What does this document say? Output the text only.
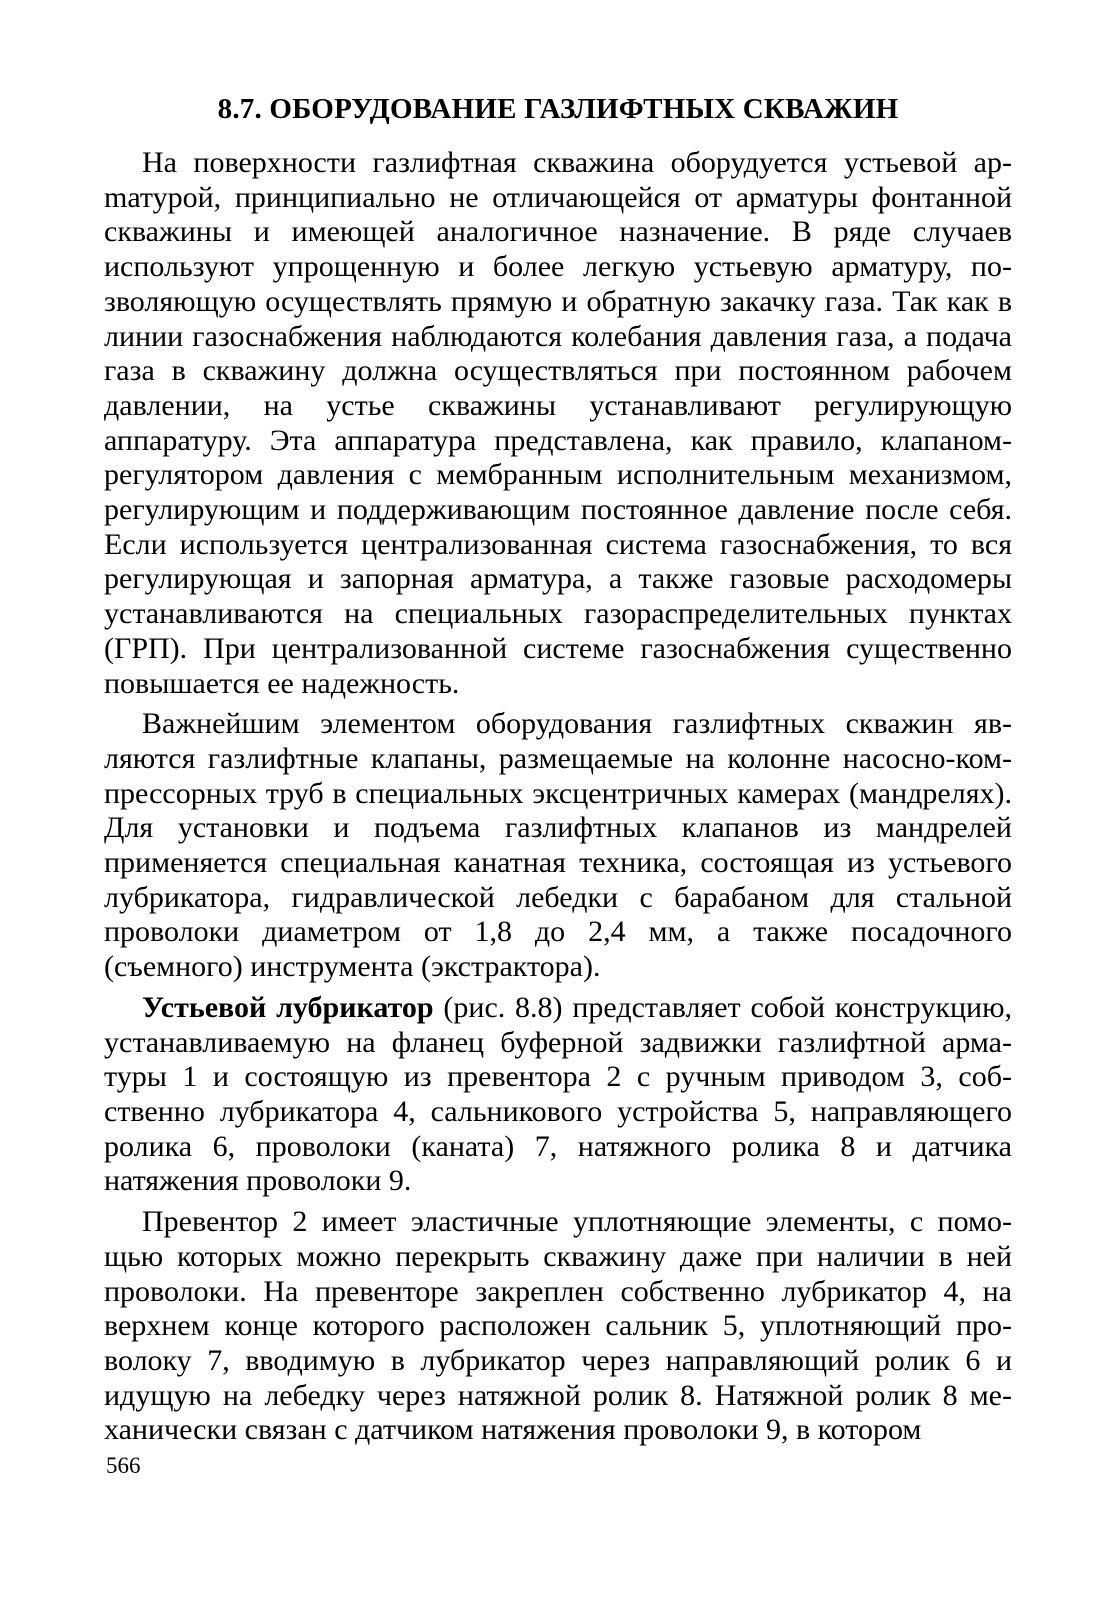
8.7. ОБОРУДОВАНИЕ ГАЗЛИФТНЫХ СКВАЖИН

На поверхности газлифтная скважина оборудуется устьевой арmатурой, принципиально не отличающейся от арматуры фонтанной скважины и имеющей аналогичное назначение. В ряде случаев используют упрощенную и более легкую устьевую арматуру, позволяющую осуществлять прямую и обратную закачку газа. Так как в линии газоснабжения наблюдаются колебания давления газа, а подача газа в скважину должна осуществляться при постоянном рабочем давлении, на устье скважины устанавливают регулирующую аппаратуру. Эта аппаратура представлена, как правило, клапаном-регулятором давления с мембранным исполнительным механизмом, регулирующим и поддерживающим постоянное давление после себя. Если используется централизованная система газоснабжения, то вся регулирующая и запорная арматура, а также газовые расходомеры устанавливаются на специальных газораспределительных пунктах (ГРП). При централизованной системе газоснабжения существенно повышается ее надежность.

Важнейшим элементом оборудования газлифтных скважин являются газлифтные клапаны, размещаемые на колонне насосно-компрессорных труб в специальных эксцентричных камерах (мандрелях). Для установки и подъема газлифтных клапанов из мандрелей применяется специальная канатная техника, состоящая из устьевого лубрикатора, гидравлической лебедки с барабаном для стальной проволоки диаметром от 1,8 до 2,4 мм, а также посадочного (съемного) инструмента (экстрактора).

Устьевой лубрикатор (рис. 8.8) представляет собой конструкцию, устанавливаемую на фланец буферной задвижки газлифтной арматуры 1 и состоящую из превентора 2 с ручным приводом 3, собственно лубрикатора 4, сальникового устройства 5, направляющего ролика 6, проволоки (каната) 7, натяжного ролика 8 и датчика натяжения проволоки 9.

Превентор 2 имеет эластичные уплотняющие элементы, с помощью которых можно перекрыть скважину даже при наличии в ней проволоки. На превенторе закреплен собственно лубрикатор 4, на верхнем конце которого расположен сальник 5, уплотняющий проволоку 7, вводимую в лубрикатор через направляющий ролик 6 и идущую на лебедку через натяжной ролик 8. Натяжной ролик 8 механически связан с датчиком натяжения проволоки 9, в котором

566
